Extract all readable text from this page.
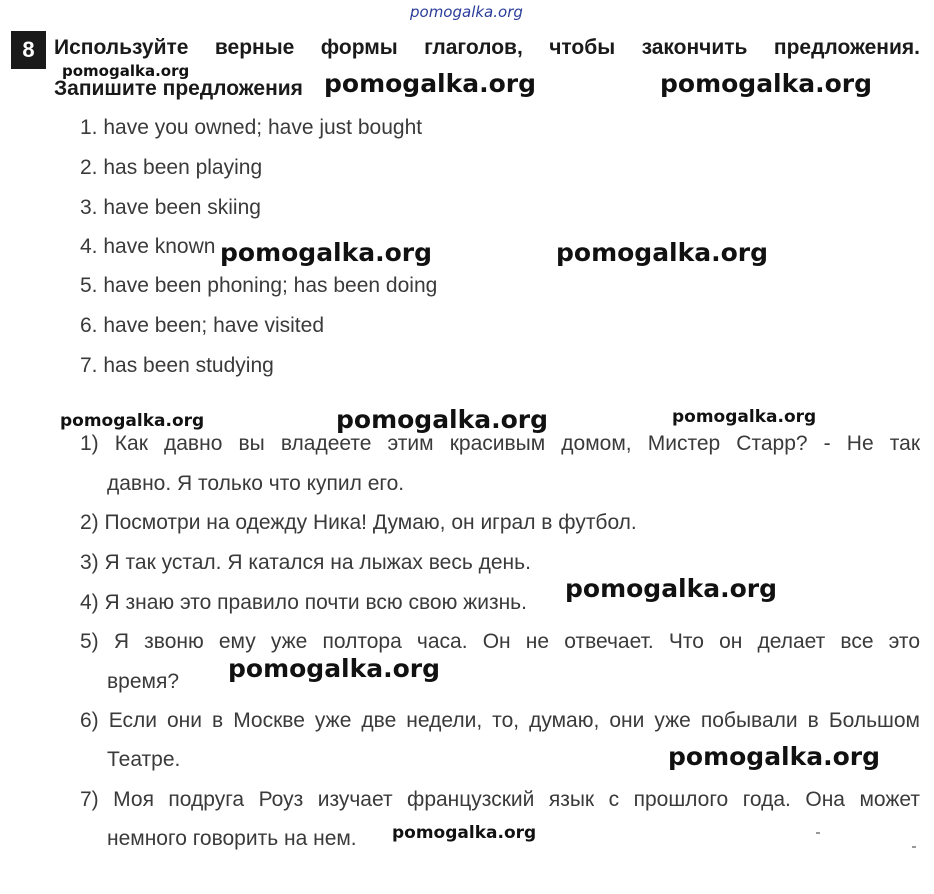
pomogalka.org
8 Используйте верные формы глаголов, чтобы закончить предложения.
Запишите предложения
1. have you owned; have just bought
2. has been playing
3. have been skiing
4. have known
5. have been phoning; has been doing
6. have been; have visited
7. has been studying
1) Как давно вы владеете этим красивым домом, Мистер Старр? - Не так
давно. Я только что купил его.
2) Посмотри на одежду Ника! Думаю, он играл в футбол.
3) Я так устал. Я катался на лыжах весь день.
4) Я знаю это правило почти всю свою жизнь.
5) Я звоню ему уже полтора часа. Он не отвечает. Что он делает все это
время?
6) Если они в Москве уже две недели, то, думаю, они уже побывали в Большом
Театре.
7) Моя подруга Роуз изучает французский язык с прошлого года. Она может
немного говорить на нем.
pomogalka.org	pomogalka.org	pomogalka.org
pomogalka.org	pomogalka.org
pomogalka.org	pomogalka.org	pomogalka.org
pomogalka.org
pomogalka.org
pomogalka.org
pomogalka.org
